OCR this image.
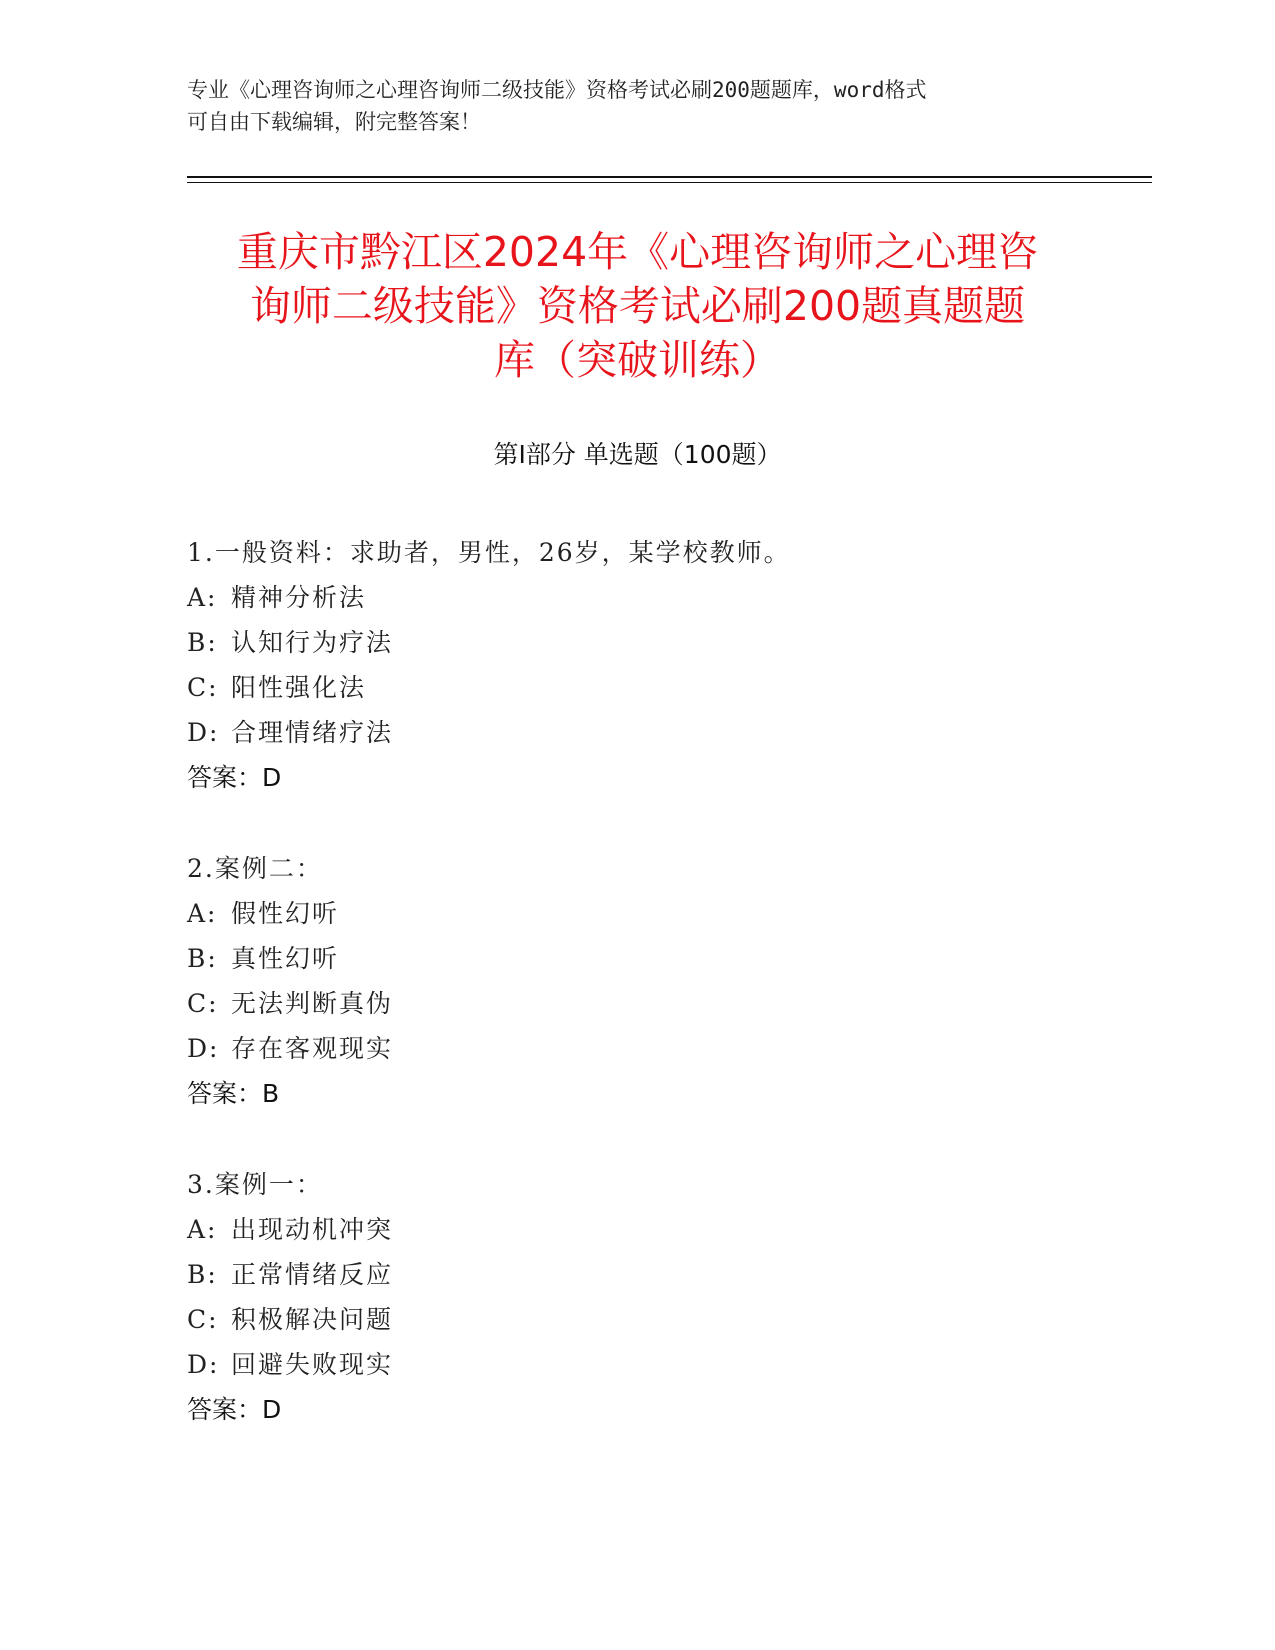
专业《心理咨询师之心理咨询师二级技能》资格考试必刷200题题库，word格式
可自由下载编辑，附完整答案！
重庆市黔江区2024年《心理咨询师之心理咨
询师二级技能》资格考试必刷200题真题题
库（突破训练）
第Ⅰ部分 单选题（100题）
1.一般资料：求助者，男性，26岁，某学校教师。
A: 精神分析法
B: 认知行为疗法
C: 阳性强化法
D: 合理情绪疗法
答案：D
2.案例二：
A: 假性幻听
B: 真性幻听
C: 无法判断真伪
D: 存在客观现实
答案：B
3.案例一：
A: 出现动机冲突
B: 正常情绪反应
C: 积极解决问题
D: 回避失败现实
答案：D
